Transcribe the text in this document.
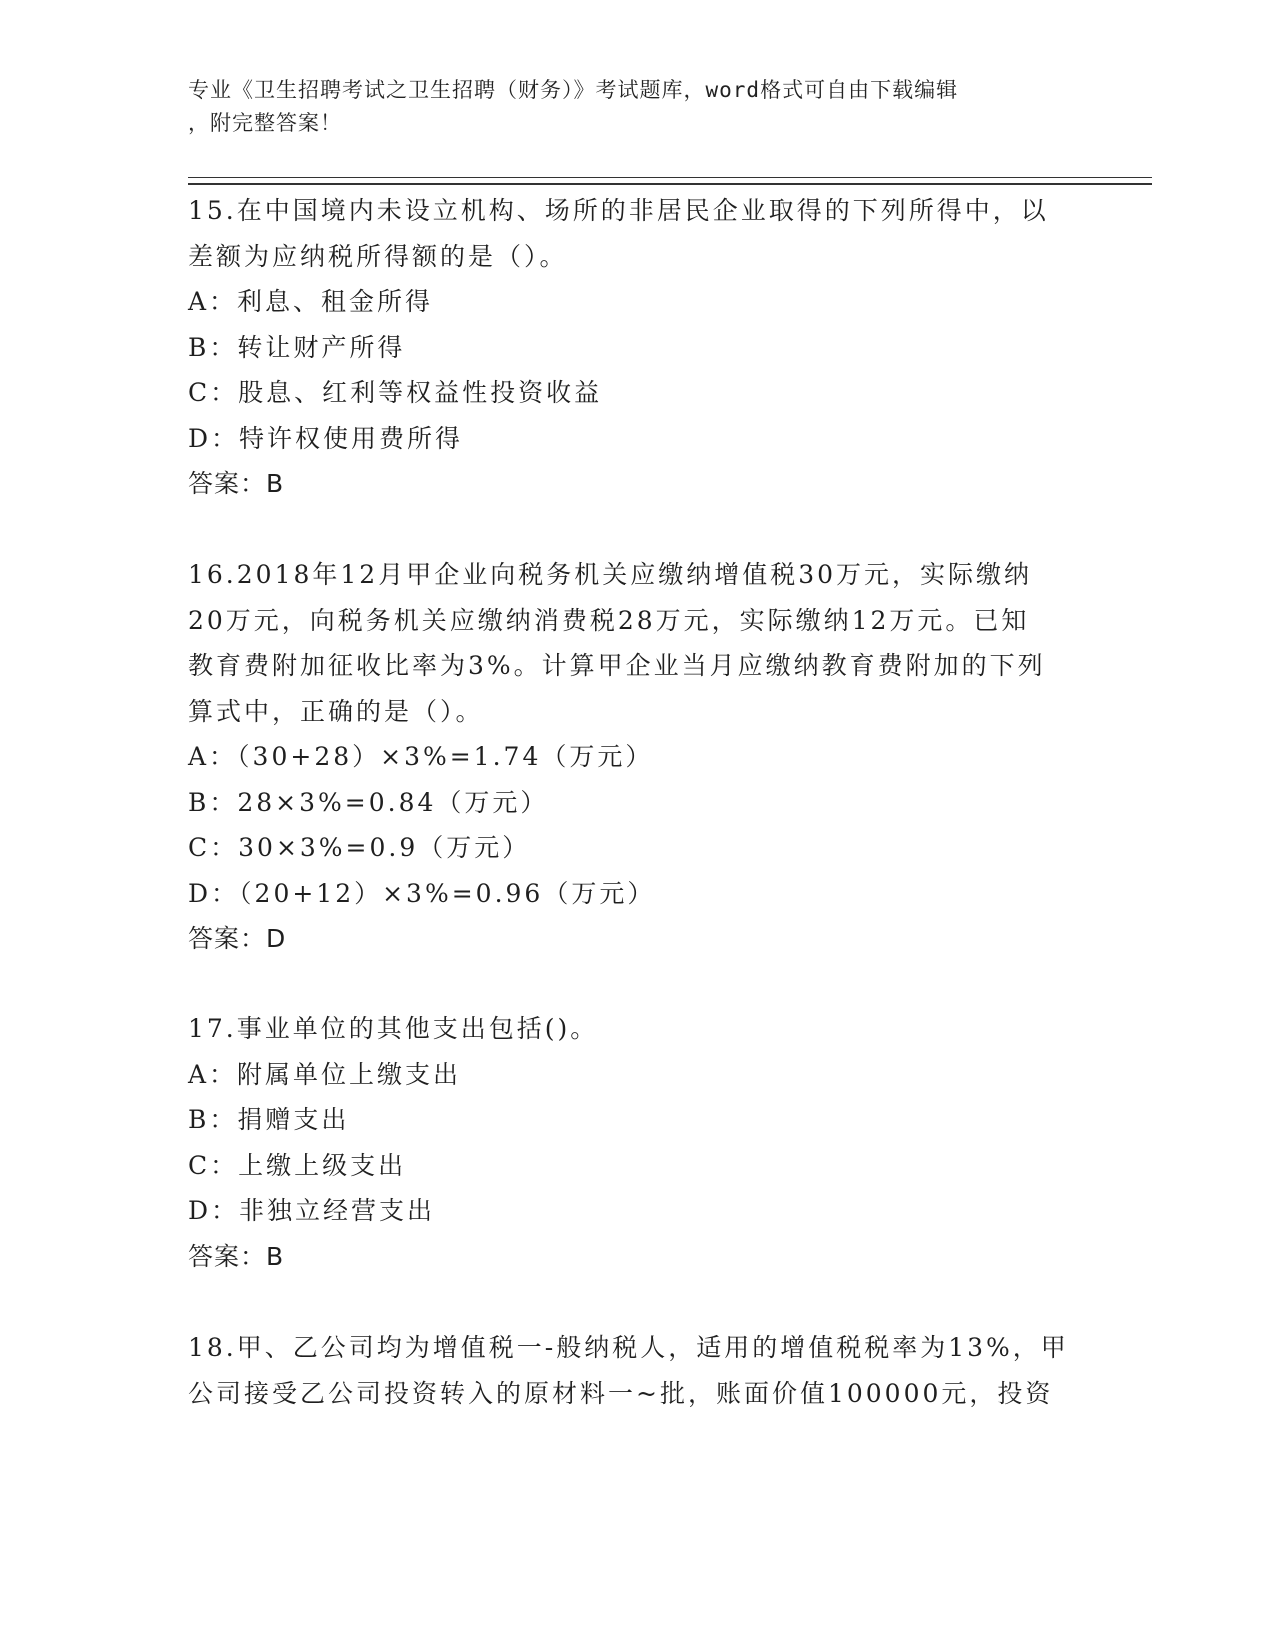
专业《卫生招聘考试之卫生招聘（财务）》考试题库，word格式可自由下载编辑
，附完整答案！
15.在中国境内未设立机构、场所的非居民企业取得的下列所得中，以
差额为应纳税所得额的是（）。
A：利息、租金所得
B：转让财产所得
C：股息、红利等权益性投资收益
D：特许权使用费所得
答案：B
16.2018年12月甲企业向税务机关应缴纳增值税30万元，实际缴纳
20万元，向税务机关应缴纳消费税28万元，实际缴纳12万元。已知
教育费附加征收比率为3%。计算甲企业当月应缴纳教育费附加的下列
算式中，正确的是（）。
A：（30+28）×3%=1.74（万元）
B：28×3%=0.84（万元）
C：30×3%=0.9（万元）
D：（20+12）×3%=0.96（万元）
答案：D
17.事业单位的其他支出包括()。
A：附属单位上缴支出
B：捐赠支出
C：上缴上级支出
D：非独立经营支出
答案：B
18.甲、乙公司均为增值税一-般纳税人，适用的增值税税率为13%，甲
公司接受乙公司投资转入的原材料一~批，账面价值100000元，投资
